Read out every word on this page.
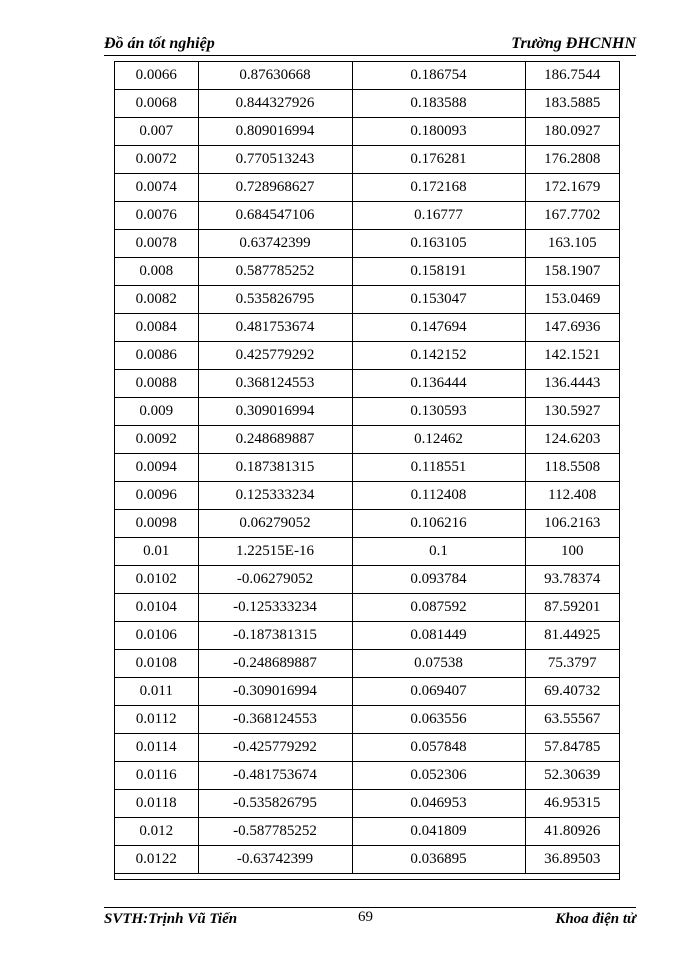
Đồ án tốt nghiệp	Trường ĐHCNHN
0.0066	0.87630668	0.186754	186.7544
0.0068	0.844327926	0.183588	183.5885
0.007	0.809016994	0.180093	180.0927
0.0072	0.770513243	0.176281	176.2808
0.0074	0.728968627	0.172168	172.1679
0.0076	0.684547106	0.16777	167.7702
0.0078	0.63742399	0.163105	163.105
0.008	0.587785252	0.158191	158.1907
0.0082	0.535826795	0.153047	153.0469
0.0084	0.481753674	0.147694	147.6936
0.0086	0.425779292	0.142152	142.1521
0.0088	0.368124553	0.136444	136.4443
0.009	0.309016994	0.130593	130.5927
0.0092	0.248689887	0.12462	124.6203
0.0094	0.187381315	0.118551	118.5508
0.0096	0.125333234	0.112408	112.408
0.0098	0.06279052	0.106216	106.2163
0.01	1.22515E-16	0.1	100
0.0102	-0.06279052	0.093784	93.78374
0.0104	-0.125333234	0.087592	87.59201
0.0106	-0.187381315	0.081449	81.44925
0.0108	-0.248689887	0.07538	75.3797
0.011	-0.309016994	0.069407	69.40732
0.0112	-0.368124553	0.063556	63.55567
0.0114	-0.425779292	0.057848	57.84785
0.0116	-0.481753674	0.052306	52.30639
0.0118	-0.535826795	0.046953	46.95315
0.012	-0.587785252	0.041809	41.80926
0.0122	-0.63742399	0.036895	36.89503
SVTH:Trịnh Vũ Tiến	69	Khoa điện tử
